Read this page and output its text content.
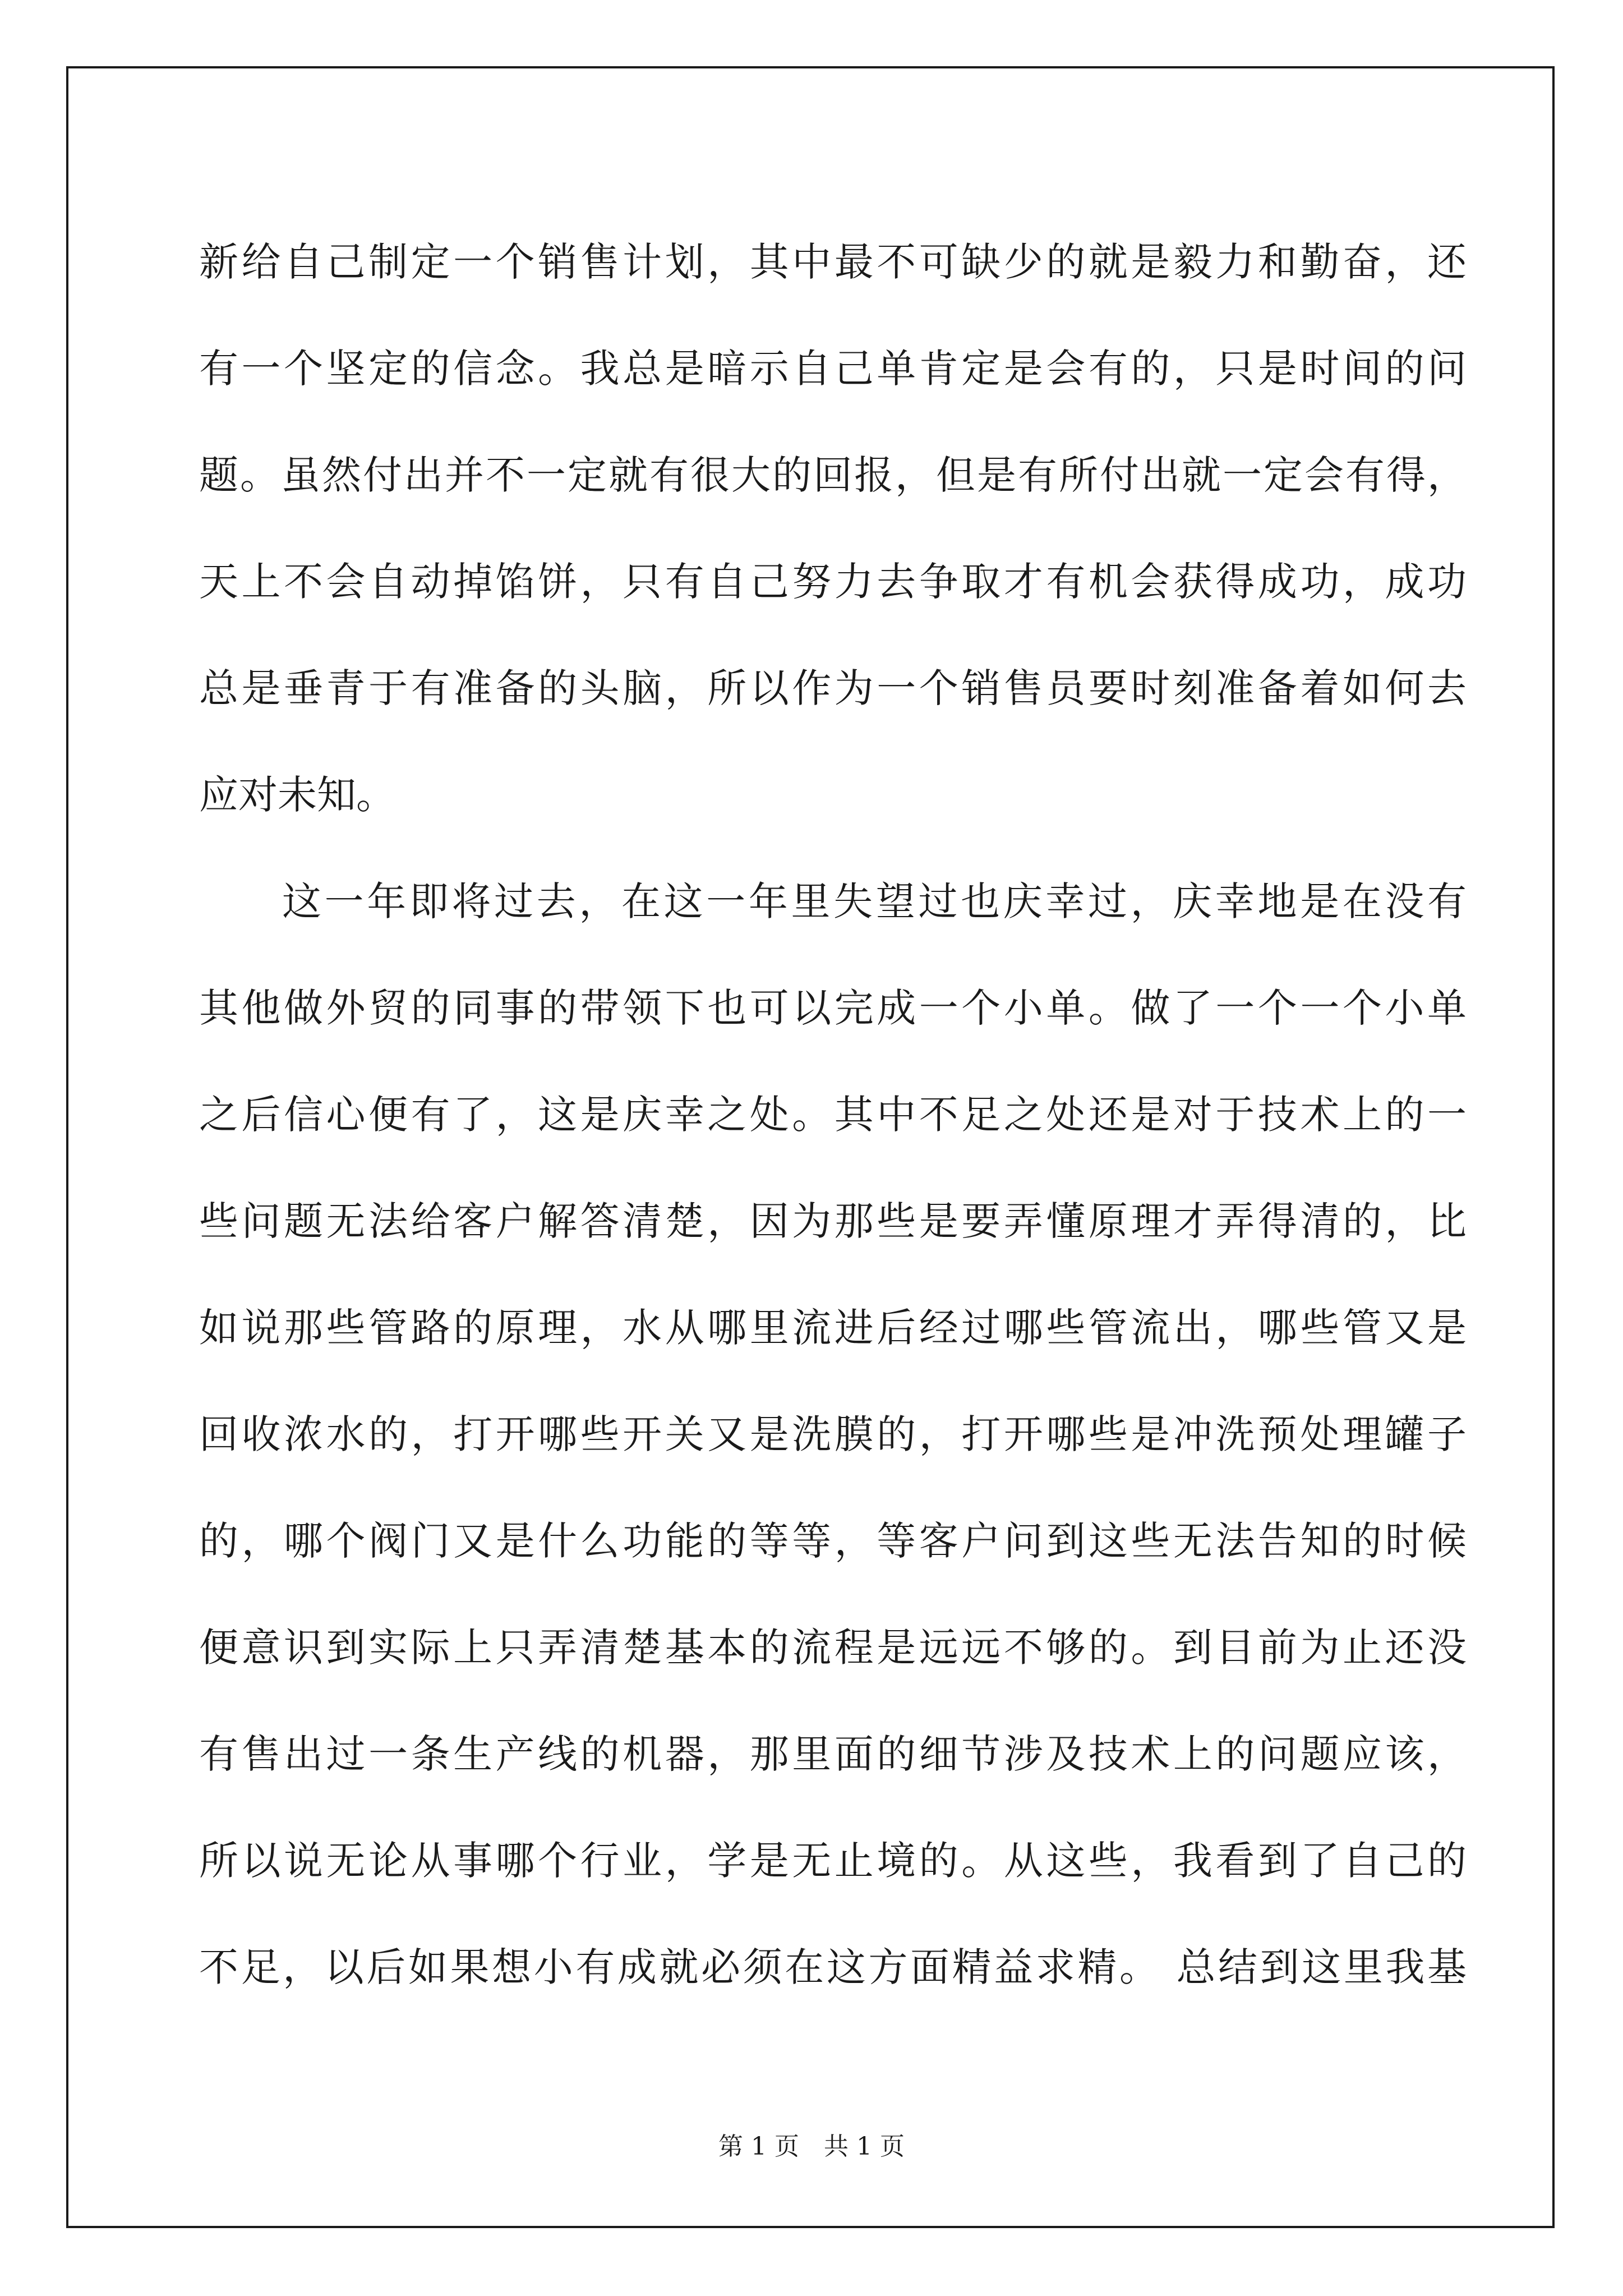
新给自己制定一个销售计划，其中最不可缺少的就是毅力和勤奋，还
有一个坚定的信念。我总是暗示自己单肯定是会有的，只是时间的问
题。虽然付出并不一定就有很大的回报，但是有所付出就一定会有得，
天上不会自动掉馅饼，只有自己努力去争取才有机会获得成功，成功
总是垂青于有准备的头脑，所以作为一个销售员要时刻准备着如何去
应对未知。
这一年即将过去，在这一年里失望过也庆幸过，庆幸地是在没有
其他做外贸的同事的带领下也可以完成一个小单。做了一个一个小单
之后信心便有了，这是庆幸之处。其中不足之处还是对于技术上的一
些问题无法给客户解答清楚，因为那些是要弄懂原理才弄得清的，比
如说那些管路的原理，水从哪里流进后经过哪些管流出，哪些管又是
回收浓水的，打开哪些开关又是洗膜的，打开哪些是冲洗预处理罐子
的，哪个阀门又是什么功能的等等，等客户问到这些无法告知的时候
便意识到实际上只弄清楚基本的流程是远远不够的。到目前为止还没
有售出过一条生产线的机器，那里面的细节涉及技术上的问题应该，
所以说无论从事哪个行业，学是无止境的。从这些，我看到了自己的
不足，以后如果想小有成就必须在这方面精益求精。 总结到这里我基
第 1 页　共 1 页
